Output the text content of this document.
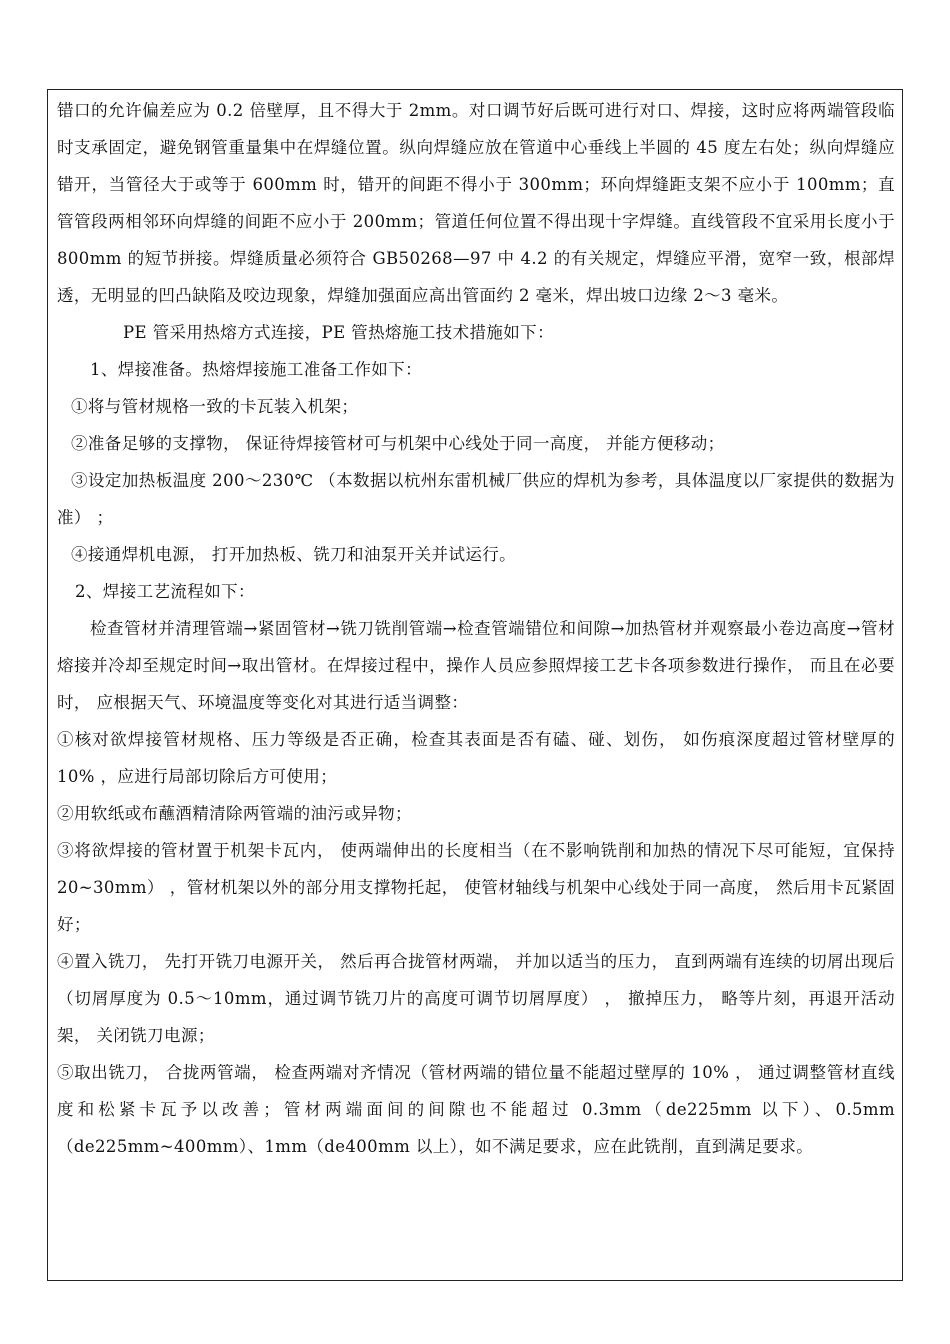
错口的允许偏差应为 0.2 倍壁厚，且不得大于 2mm。对口调节好后既可进行对口、焊接，这时应将两端管段临时支承固定，避免钢管重量集中在焊缝位置。纵向焊缝应放在管道中心垂线上半圆的 45 度左右处；纵向焊缝应错开，当管径大于或等于 600mm 时，错开的间距不得小于 300mm；环向焊缝距支架不应小于 100mm；直管管段两相邻环向焊缝的间距不应小于 200mm；管道任何位置不得出现十字焊缝。直线管段不宜采用长度小于 800mm 的短节拼接。焊缝质量必须符合 GB50268—97 中 4.2 的有关规定，焊缝应平滑，宽窄一致，根部焊透，无明显的凹凸缺陷及咬边现象，焊缝加强面应高出管面约 2 毫米，焊出坡口边缘 2～3 毫米。

PE 管采用热熔方式连接，PE 管热熔施工技术措施如下：

1、焊接准备。热熔焊接施工准备工作如下：

①将与管材规格一致的卡瓦装入机架；

②准备足够的支撑物， 保证待焊接管材可与机架中心线处于同一高度， 并能方便移动；

③设定加热板温度 200～230℃ （本数据以杭州东雷机械厂供应的焊机为参考，具体温度以厂家提供的数据为准） ；

④接通焊机电源， 打开加热板、铣刀和油泵开关并试运行。

2、焊接工艺流程如下：

检查管材并清理管端→紧固管材→铣刀铣削管端→检查管端错位和间隙→加热管材并观察最小卷边高度→管材熔接并冷却至规定时间→取出管材。在焊接过程中，操作人员应参照焊接工艺卡各项参数进行操作， 而且在必要时， 应根据天气、环境温度等变化对其进行适当调整：

①核对欲焊接管材规格、压力等级是否正确，检查其表面是否有磕、碰、划伤， 如伤痕深度超过管材壁厚的 10% ，应进行局部切除后方可使用；

②用软纸或布蘸酒精清除两管端的油污或异物；

③将欲焊接的管材置于机架卡瓦内， 使两端伸出的长度相当（在不影响铣削和加热的情况下尽可能短，宜保持 20~30mm） ，管材机架以外的部分用支撑物托起， 使管材轴线与机架中心线处于同一高度， 然后用卡瓦紧固好；

④置入铣刀， 先打开铣刀电源开关， 然后再合拢管材两端， 并加以适当的压力， 直到两端有连续的切屑出现后（切屑厚度为 0.5～10mm，通过调节铣刀片的高度可调节切屑厚度） ， 撤掉压力， 略等片刻，再退开活动架， 关闭铣刀电源；

⑤取出铣刀， 合拢两管端， 检查两端对齐情况（管材两端的错位量不能超过壁厚的 10% ， 通过调整管材直线度和松紧卡瓦予以改善；管材两端面间的间隙也不能超过 0.3mm（de225mm 以下）、0.5mm（de225mm~400mm）、1mm（de400mm 以上），如不满足要求，应在此铣削，直到满足要求。
